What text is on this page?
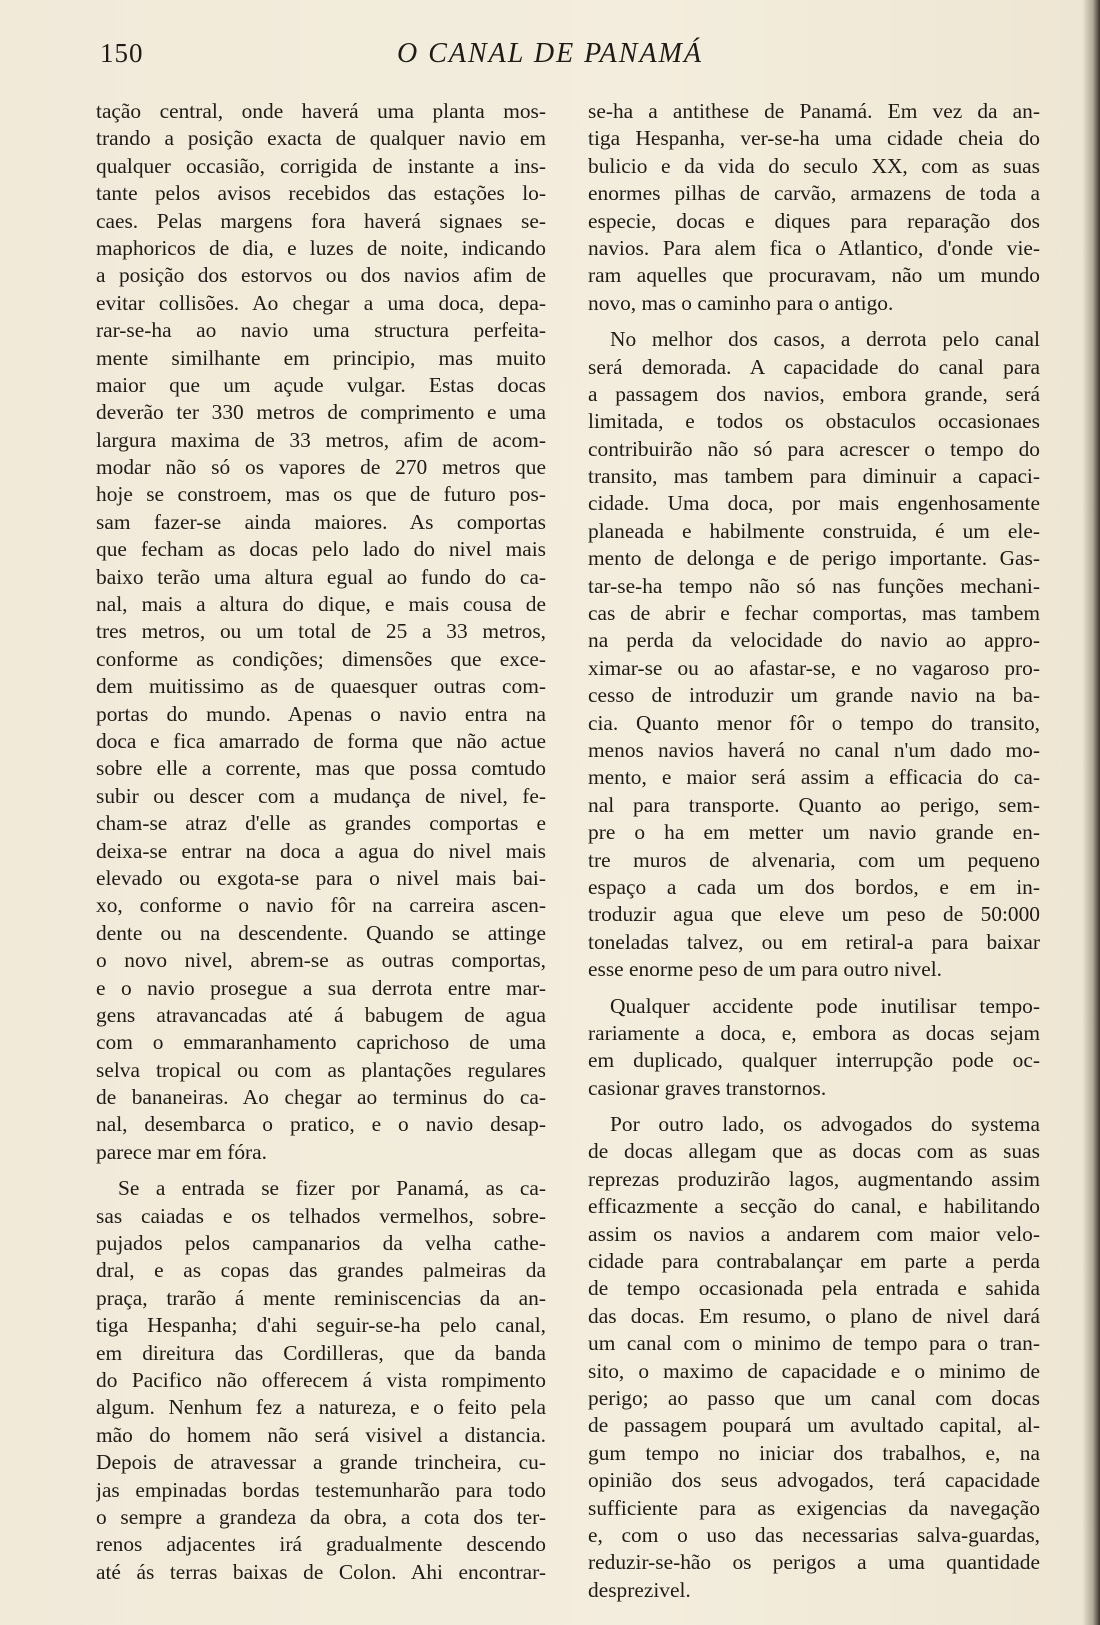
150	O CANAL DE PANAMÁ
tação central, onde haverá uma planta mos-
trando a posição exacta de qualquer navio em
qualquer occasião, corrigida de instante a ins-
tante pelos avisos recebidos das estações lo-
caes. Pelas margens fora haverá signaes se-
maphoricos de dia, e luzes de noite, indicando
a posição dos estorvos ou dos navios afim de
evitar collisões. Ao chegar a uma doca, depa-
rar-se-ha ao navio uma structura perfeita-
mente similhante em principio, mas muito
maior que um açude vulgar. Estas docas
deverão ter 330 metros de comprimento e uma
largura maxima de 33 metros, afim de acom-
modar não só os vapores de 270 metros que
hoje se constroem, mas os que de futuro pos-
sam fazer-se ainda maiores. As comportas
que fecham as docas pelo lado do nivel mais
baixo terão uma altura egual ao fundo do ca-
nal, mais a altura do dique, e mais cousa de
tres metros, ou um total de 25 a 33 metros,
conforme as condições; dimensões que exce-
dem muitissimo as de quaesquer outras com-
portas do mundo. Apenas o navio entra na
doca e fica amarrado de forma que não actue
sobre elle a corrente, mas que possa comtudo
subir ou descer com a mudança de nivel, fe-
cham-se atraz d'elle as grandes comportas e
deixa-se entrar na doca a agua do nivel mais
elevado ou exgota-se para o nivel mais bai-
xo, conforme o navio fôr na carreira ascen-
dente ou na descendente. Quando se attinge
o novo nivel, abrem-se as outras comportas,
e o navio prosegue a sua derrota entre mar-
gens atravancadas até á babugem de agua
com o emmaranhamento caprichoso de uma
selva tropical ou com as plantações regulares
de bananeiras. Ao chegar ao terminus do ca-
nal, desembarca o pratico, e o navio desap-
parece mar em fóra.
Se a entrada se fizer por Panamá, as ca-
sas caiadas e os telhados vermelhos, sobre-
pujados pelos campanarios da velha cathe-
dral, e as copas das grandes palmeiras da
praça, trarão á mente reminiscencias da an-
tiga Hespanha; d'ahi seguir-se-ha pelo canal,
em direitura das Cordilleras, que da banda
do Pacifico não offerecem á vista rompimento
algum. Nenhum fez a natureza, e o feito pela
mão do homem não será visivel a distancia.
Depois de atravessar a grande trincheira, cu-
jas empinadas bordas testemunharão para todo
o sempre a grandeza da obra, a cota dos ter-
renos adjacentes irá gradualmente descendo
até ás terras baixas de Colon. Ahi encontrar-
se-ha a antithese de Panamá. Em vez da an-
tiga Hespanha, ver-se-ha uma cidade cheia do
bulicio e da vida do seculo XX, com as suas
enormes pilhas de carvão, armazens de toda a
especie, docas e diques para reparação dos
navios. Para alem fica o Atlantico, d'onde vie-
ram aquelles que procuravam, não um mundo
novo, mas o caminho para o antigo.
No melhor dos casos, a derrota pelo canal
será demorada. A capacidade do canal para
a passagem dos navios, embora grande, será
limitada, e todos os obstaculos occasionaes
contribuirão não só para acrescer o tempo do
transito, mas tambem para diminuir a capaci-
cidade. Uma doca, por mais engenhosamente
planeada e habilmente construida, é um ele-
mento de delonga e de perigo importante. Gas-
tar-se-ha tempo não só nas funções mechani-
cas de abrir e fechar comportas, mas tambem
na perda da velocidade do navio ao appro-
ximar-se ou ao afastar-se, e no vagaroso pro-
cesso de introduzir um grande navio na ba-
cia. Quanto menor fôr o tempo do transito,
menos navios haverá no canal n'um dado mo-
mento, e maior será assim a efficacia do ca-
nal para transporte. Quanto ao perigo, sem-
pre o ha em metter um navio grande en-
tre muros de alvenaria, com um pequeno
espaço a cada um dos bordos, e em in-
troduzir agua que eleve um peso de 50:000
toneladas talvez, ou em retiral-a para baixar
esse enorme peso de um para outro nivel.
Qualquer accidente pode inutilisar tempo-
rariamente a doca, e, embora as docas sejam
em duplicado, qualquer interrupção pode oc-
casionar graves transtornos.
Por outro lado, os advogados do systema
de docas allegam que as docas com as suas
reprezas produzirão lagos, augmentando assim
efficazmente a secção do canal, e habilitando
assim os navios a andarem com maior velo-
cidade para contrabalançar em parte a perda
de tempo occasionada pela entrada e sahida
das docas. Em resumo, o plano de nivel dará
um canal com o minimo de tempo para o tran-
sito, o maximo de capacidade e o minimo de
perigo; ao passo que um canal com docas
de passagem poupará um avultado capital, al-
gum tempo no iniciar dos trabalhos, e, na
opinião dos seus advogados, terá capacidade
sufficiente para as exigencias da navegação
e, com o uso das necessarias salva-guardas,
reduzir-se-hão os perigos a uma quantidade
desprezivel.
